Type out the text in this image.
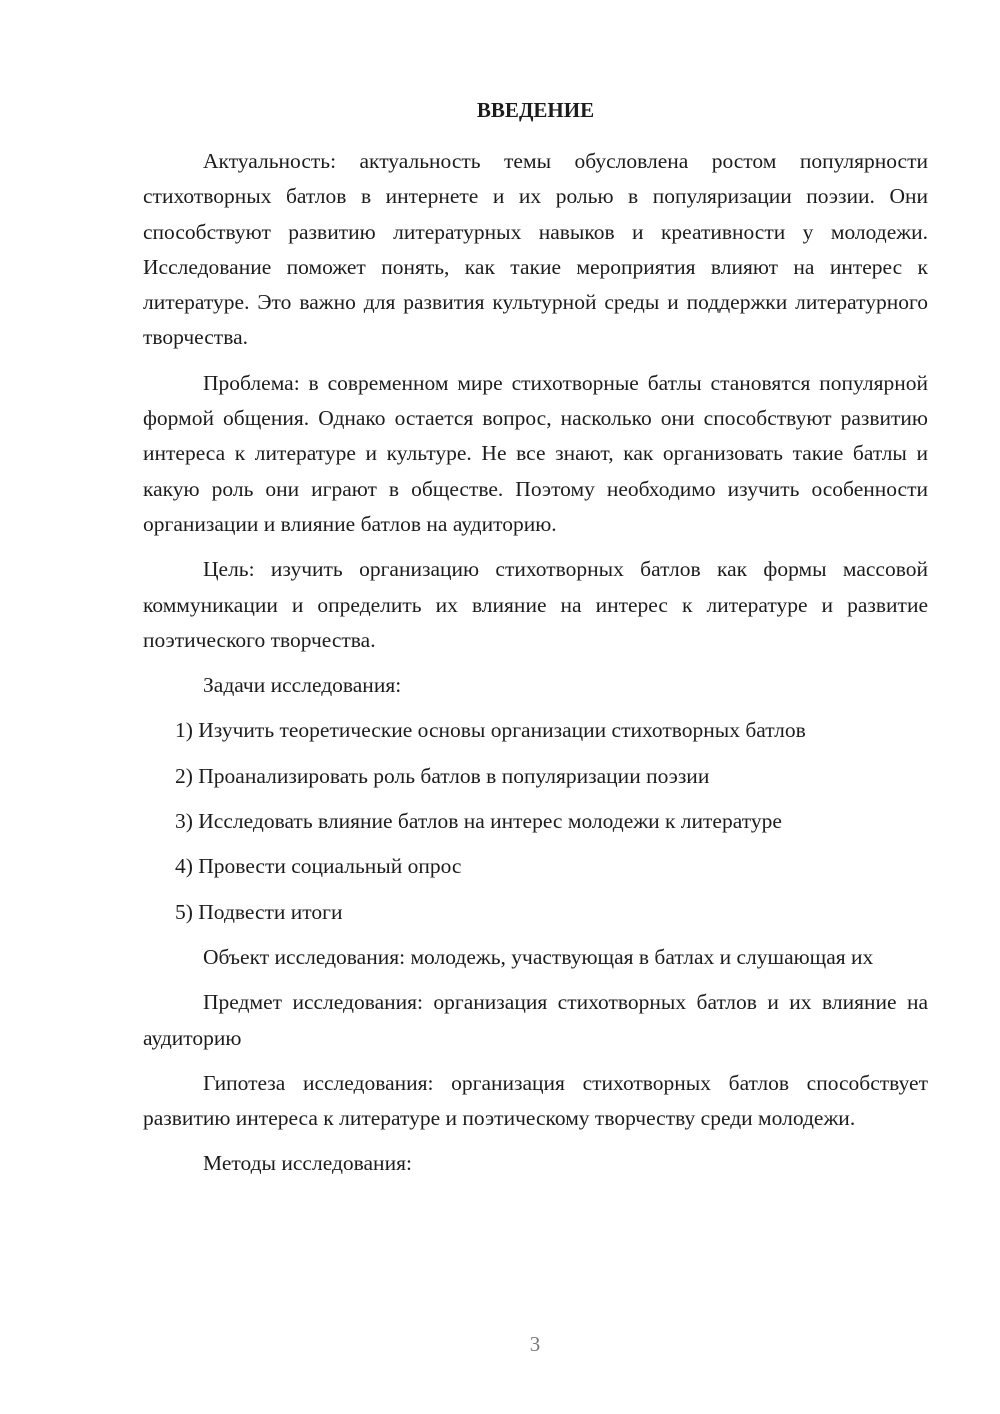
ВВЕДЕНИЕ

Актуальность: актуальность темы обусловлена ростом популярности стихотворных батлов в интернете и их ролью в популяризации поэзии. Они способствуют развитию литературных навыков и креативности у молодежи. Исследование поможет понять, как такие мероприятия влияют на интерес к литературе. Это важно для развития культурной среды и поддержки литературного творчества.

Проблема: в современном мире стихотворные батлы становятся популярной формой общения. Однако остается вопрос, насколько они способствуют развитию интереса к литературе и культуре. Не все знают, как организовать такие батлы и какую роль они играют в обществе. Поэтому необходимо изучить особенности организации и влияние батлов на аудиторию.

Цель: изучить организацию стихотворных батлов как формы массовой коммуникации и определить их влияние на интерес к литературе и развитие поэтического творчества.

Задачи исследования:

1) Изучить теоретические основы организации стихотворных батлов
2) Проанализировать роль батлов в популяризации поэзии
3) Исследовать влияние батлов на интерес молодежи к литературе
4) Провести социальный опрос
5) Подвести итоги

Объект исследования: молодежь, участвующая в батлах и слушающая их

Предмет исследования: организация стихотворных батлов и их влияние на аудиторию

Гипотеза исследования: организация стихотворных батлов способствует развитию интереса к литературе и поэтическому творчеству среди молодежи.

Методы исследования:

3
